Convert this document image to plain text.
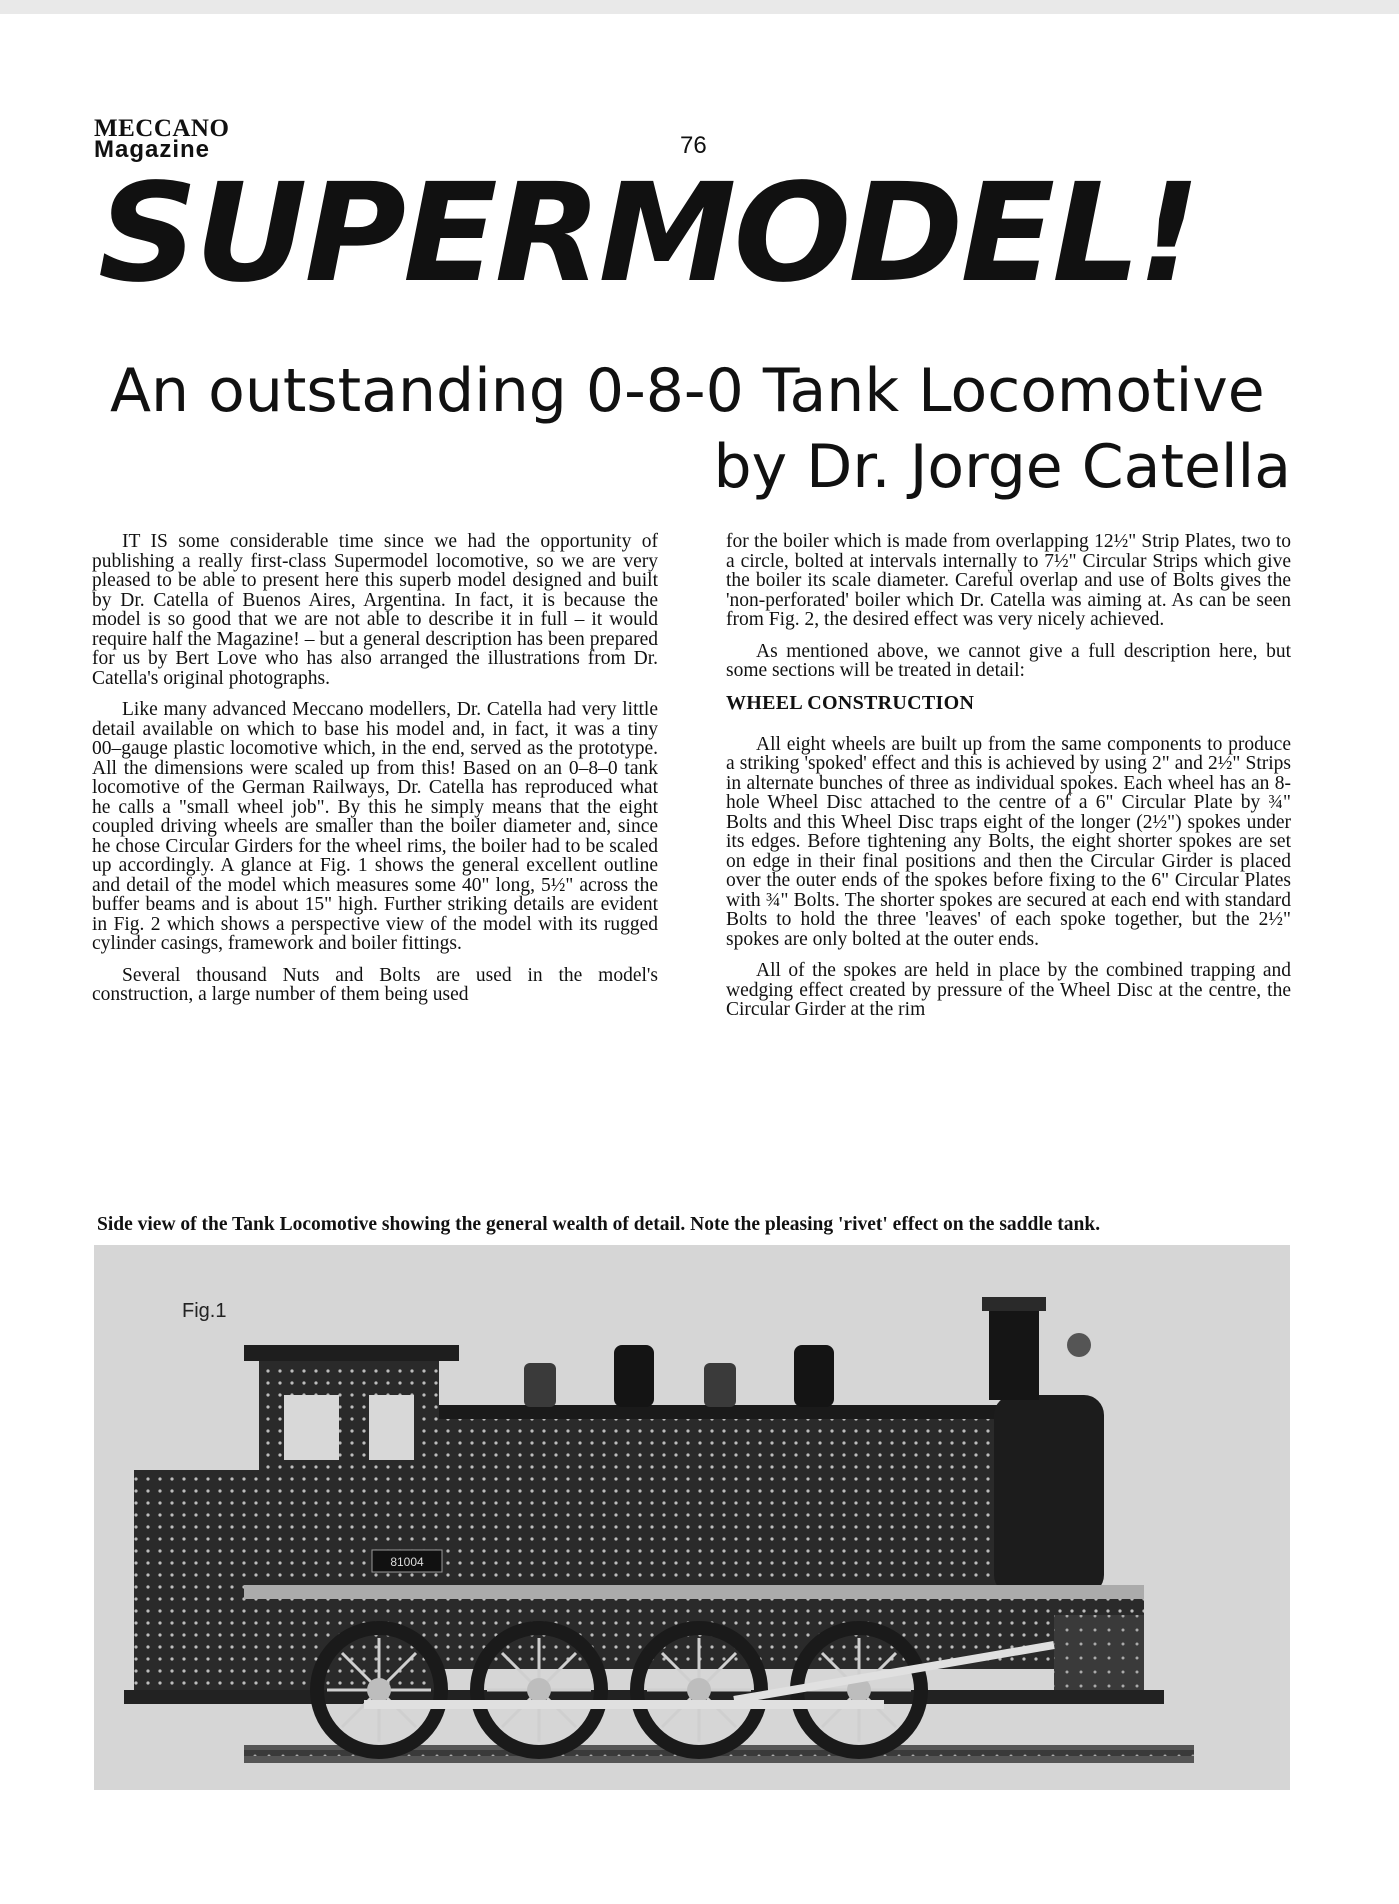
MECCANO
Magazine	76
SUPERMODEL!
An outstanding 0-8-0 Tank Locomotive
by Dr. Jorge Catella

IT IS some considerable time since we had the opportunity of publishing a really first-class Supermodel locomotive, so we are very pleased to be able to present here this superb model designed and built by Dr. Catella of Buenos Aires, Argentina. In fact, it is because the model is so good that we are not able to describe it in full – it would require half the Magazine! – but a general description has been prepared for us by Bert Love who has also arranged the illustrations from Dr. Catella's original photographs.

Like many advanced Meccano modellers, Dr. Catella had very little detail available on which to base his model and, in fact, it was a tiny 00–gauge plastic locomotive which, in the end, served as the prototype. All the dimensions were scaled up from this! Based on an 0–8–0 tank locomotive of the German Railways, Dr. Catella has reproduced what he calls a "small wheel job". By this he simply means that the eight coupled driving wheels are smaller than the boiler diameter and, since he chose Circular Girders for the wheel rims, the boiler had to be scaled up accordingly. A glance at Fig. 1 shows the general excellent outline and detail of the model which measures some 40" long, 5½" across the buffer beams and is about 15" high. Further striking details are evident in Fig. 2 which shows a perspective view of the model with its rugged cylinder casings, framework and boiler fittings.

Several thousand Nuts and Bolts are used in the model's construction, a large number of them being used

for the boiler which is made from overlapping 12½" Strip Plates, two to a circle, bolted at intervals internally to 7½" Circular Strips which give the boiler its scale diameter. Careful overlap and use of Bolts gives the 'non-perforated' boiler which Dr. Catella was aiming at. As can be seen from Fig. 2, the desired effect was very nicely achieved.

As mentioned above, we cannot give a full description here, but some sections will be treated in detail:

WHEEL CONSTRUCTION

All eight wheels are built up from the same components to produce a striking 'spoked' effect and this is achieved by using 2" and 2½" Strips in alternate bunches of three as individual spokes. Each wheel has an 8-hole Wheel Disc attached to the centre of a 6" Circular Plate by ¾" Bolts and this Wheel Disc traps eight of the longer (2½") spokes under its edges. Before tightening any Bolts, the eight shorter spokes are set on edge in their final positions and then the Circular Girder is placed over the outer ends of the spokes before fixing to the 6" Circular Plates with ¾" Bolts. The shorter spokes are secured at each end with standard Bolts to hold the three 'leaves' of each spoke together, but the 2½" spokes are only bolted at the outer ends.

All of the spokes are held in place by the combined trapping and wedging effect created by pressure of the Wheel Disc at the centre, the Circular Girder at the rim

Side view of the Tank Locomotive showing the general wealth of detail. Note the pleasing 'rivet' effect on the saddle tank.
81004
Fig.1
